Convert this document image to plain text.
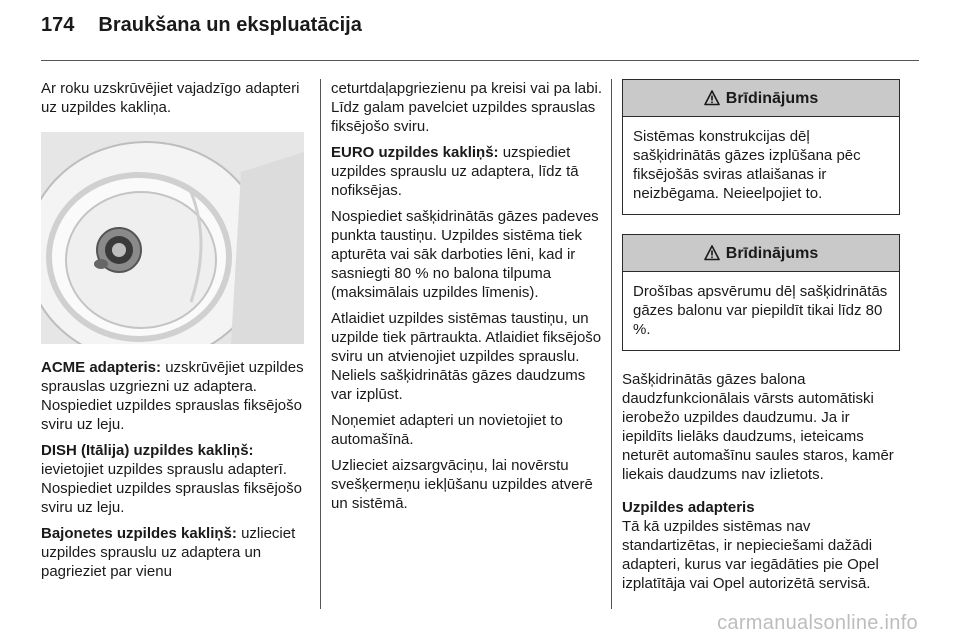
174 Braukšana un ekspluatācija

Ar roku uzskrūvējiet vajadzīgo adapteri uz uzpildes kakliņa.

ACME adapteris: uzskrūvējiet uzpildes sprauslas uzgriezni uz adaptera. Nospiediet uzpildes sprauslas fiksējošo sviru uz leju.

DISH (Itālija) uzpildes kakliņš: ievietojiet uzpildes sprauslu adapterī. Nospiediet uzpildes sprauslas fiksējošo sviru uz leju.

Bajonetes uzpildes kakliņš: uzlieciet uzpildes sprauslu uz adaptera un pagrieziet par vienu

ceturtdaļapgriezienu pa kreisi vai pa labi. Līdz galam pavelciet uzpildes sprauslas fiksējošo sviru.

EURO uzpildes kakliņš: uzspiediet uzpildes sprauslu uz adaptera, līdz tā nofiksējas.

Nospiediet sašķidrinātās gāzes padeves punkta taustiņu. Uzpildes sistēma tiek apturēta vai sāk darboties lēni, kad ir sasniegti 80 % no balona tilpuma (maksimālais uzpildes līmenis).

Atlaidiet uzpildes sistēmas taustiņu, un uzpilde tiek pārtraukta. Atlaidiet fiksējošo sviru un atvienojiet uzpildes sprauslu. Neliels sašķidrinātās gāzes daudzums var izplūst.

Noņemiet adapteri un novietojiet to automašīnā.

Uzlieciet aizsargvāciņu, lai novērstu svešķermeņu iekļūšanu uzpildes atverē un sistēmā.

Brīdinājums
Sistēmas konstrukcijas dēļ sašķidrinātās gāzes izplūšana pēc fiksējošās sviras atlaišanas ir neizbēgama. Neieelpojiet to.
Brīdinājums
Drošības apsvērumu dēļ sašķidrinātās gāzes balonu var piepildīt tikai līdz 80 %.

Sašķidrinātās gāzes balona daudzfunkcionālais vārsts automātiski ierobežo uzpildes daudzumu. Ja ir iepildīts lielāks daudzums, ieteicams neturēt automašīnu saules staros, kamēr liekais daudzums nav izlietots.

Uzpildes adapteris

Tā kā uzpildes sistēmas nav standartizētas, ir nepieciešami dažādi adapteri, kurus var iegādāties pie Opel izplatītāja vai Opel autorizētā servisā.

carmanualsonline.info
